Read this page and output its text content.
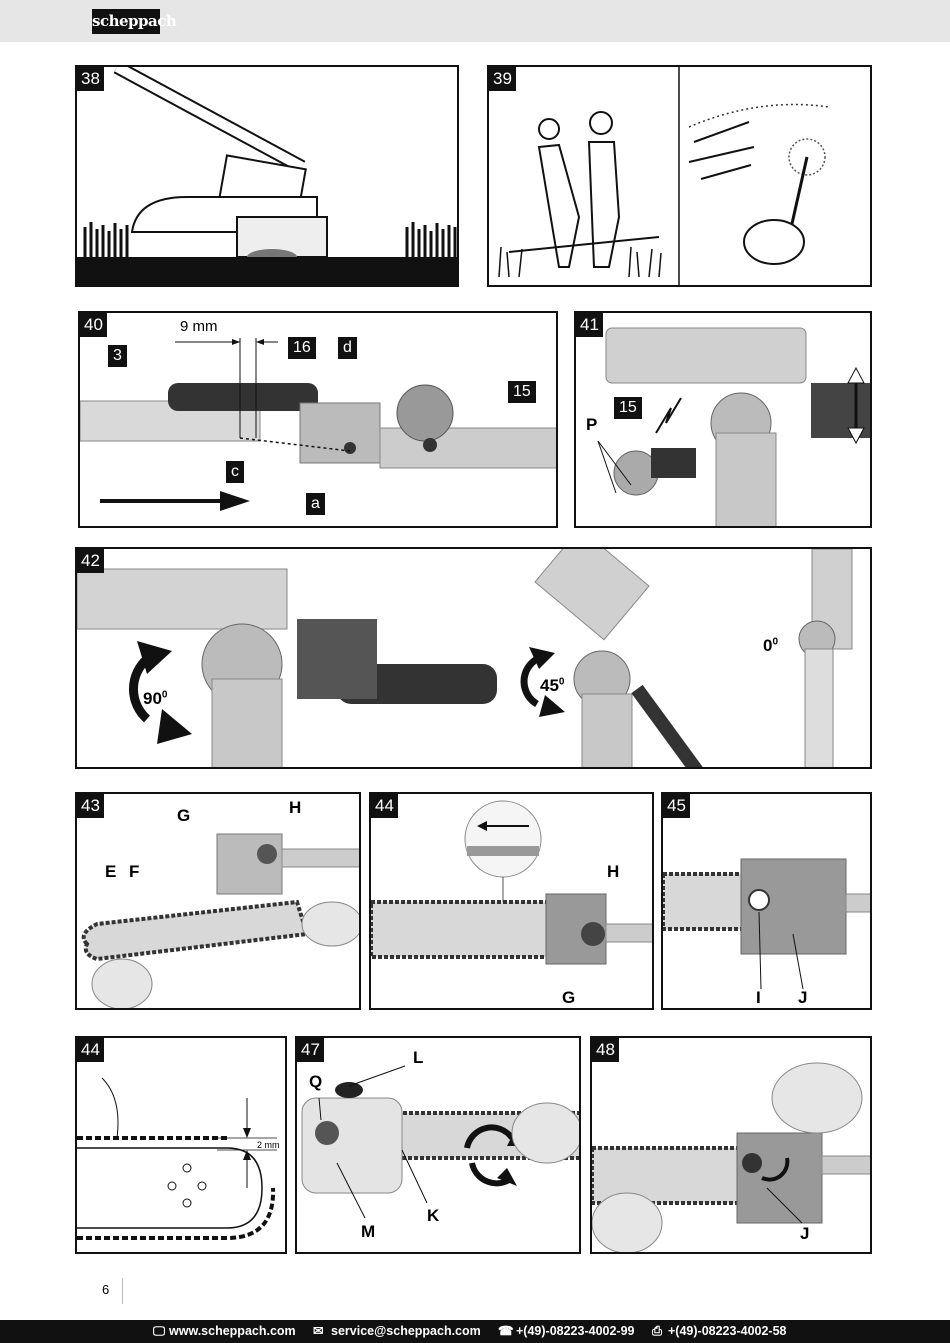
scheppach
38	39
40	9 mm
3	16	d
15
c
a
41
15
P
42
$90^0$	$45^0$
$0^0$
43
G	H
E F
44
H
G
45
I J
44
2 mm
47	L
Q
M
K
48
J
6
🖵 www.scheppach.com ✉ service@scheppach.com ☎ +(49)-08223-4002-99 ⎙ +(49)-08223-4002-58
